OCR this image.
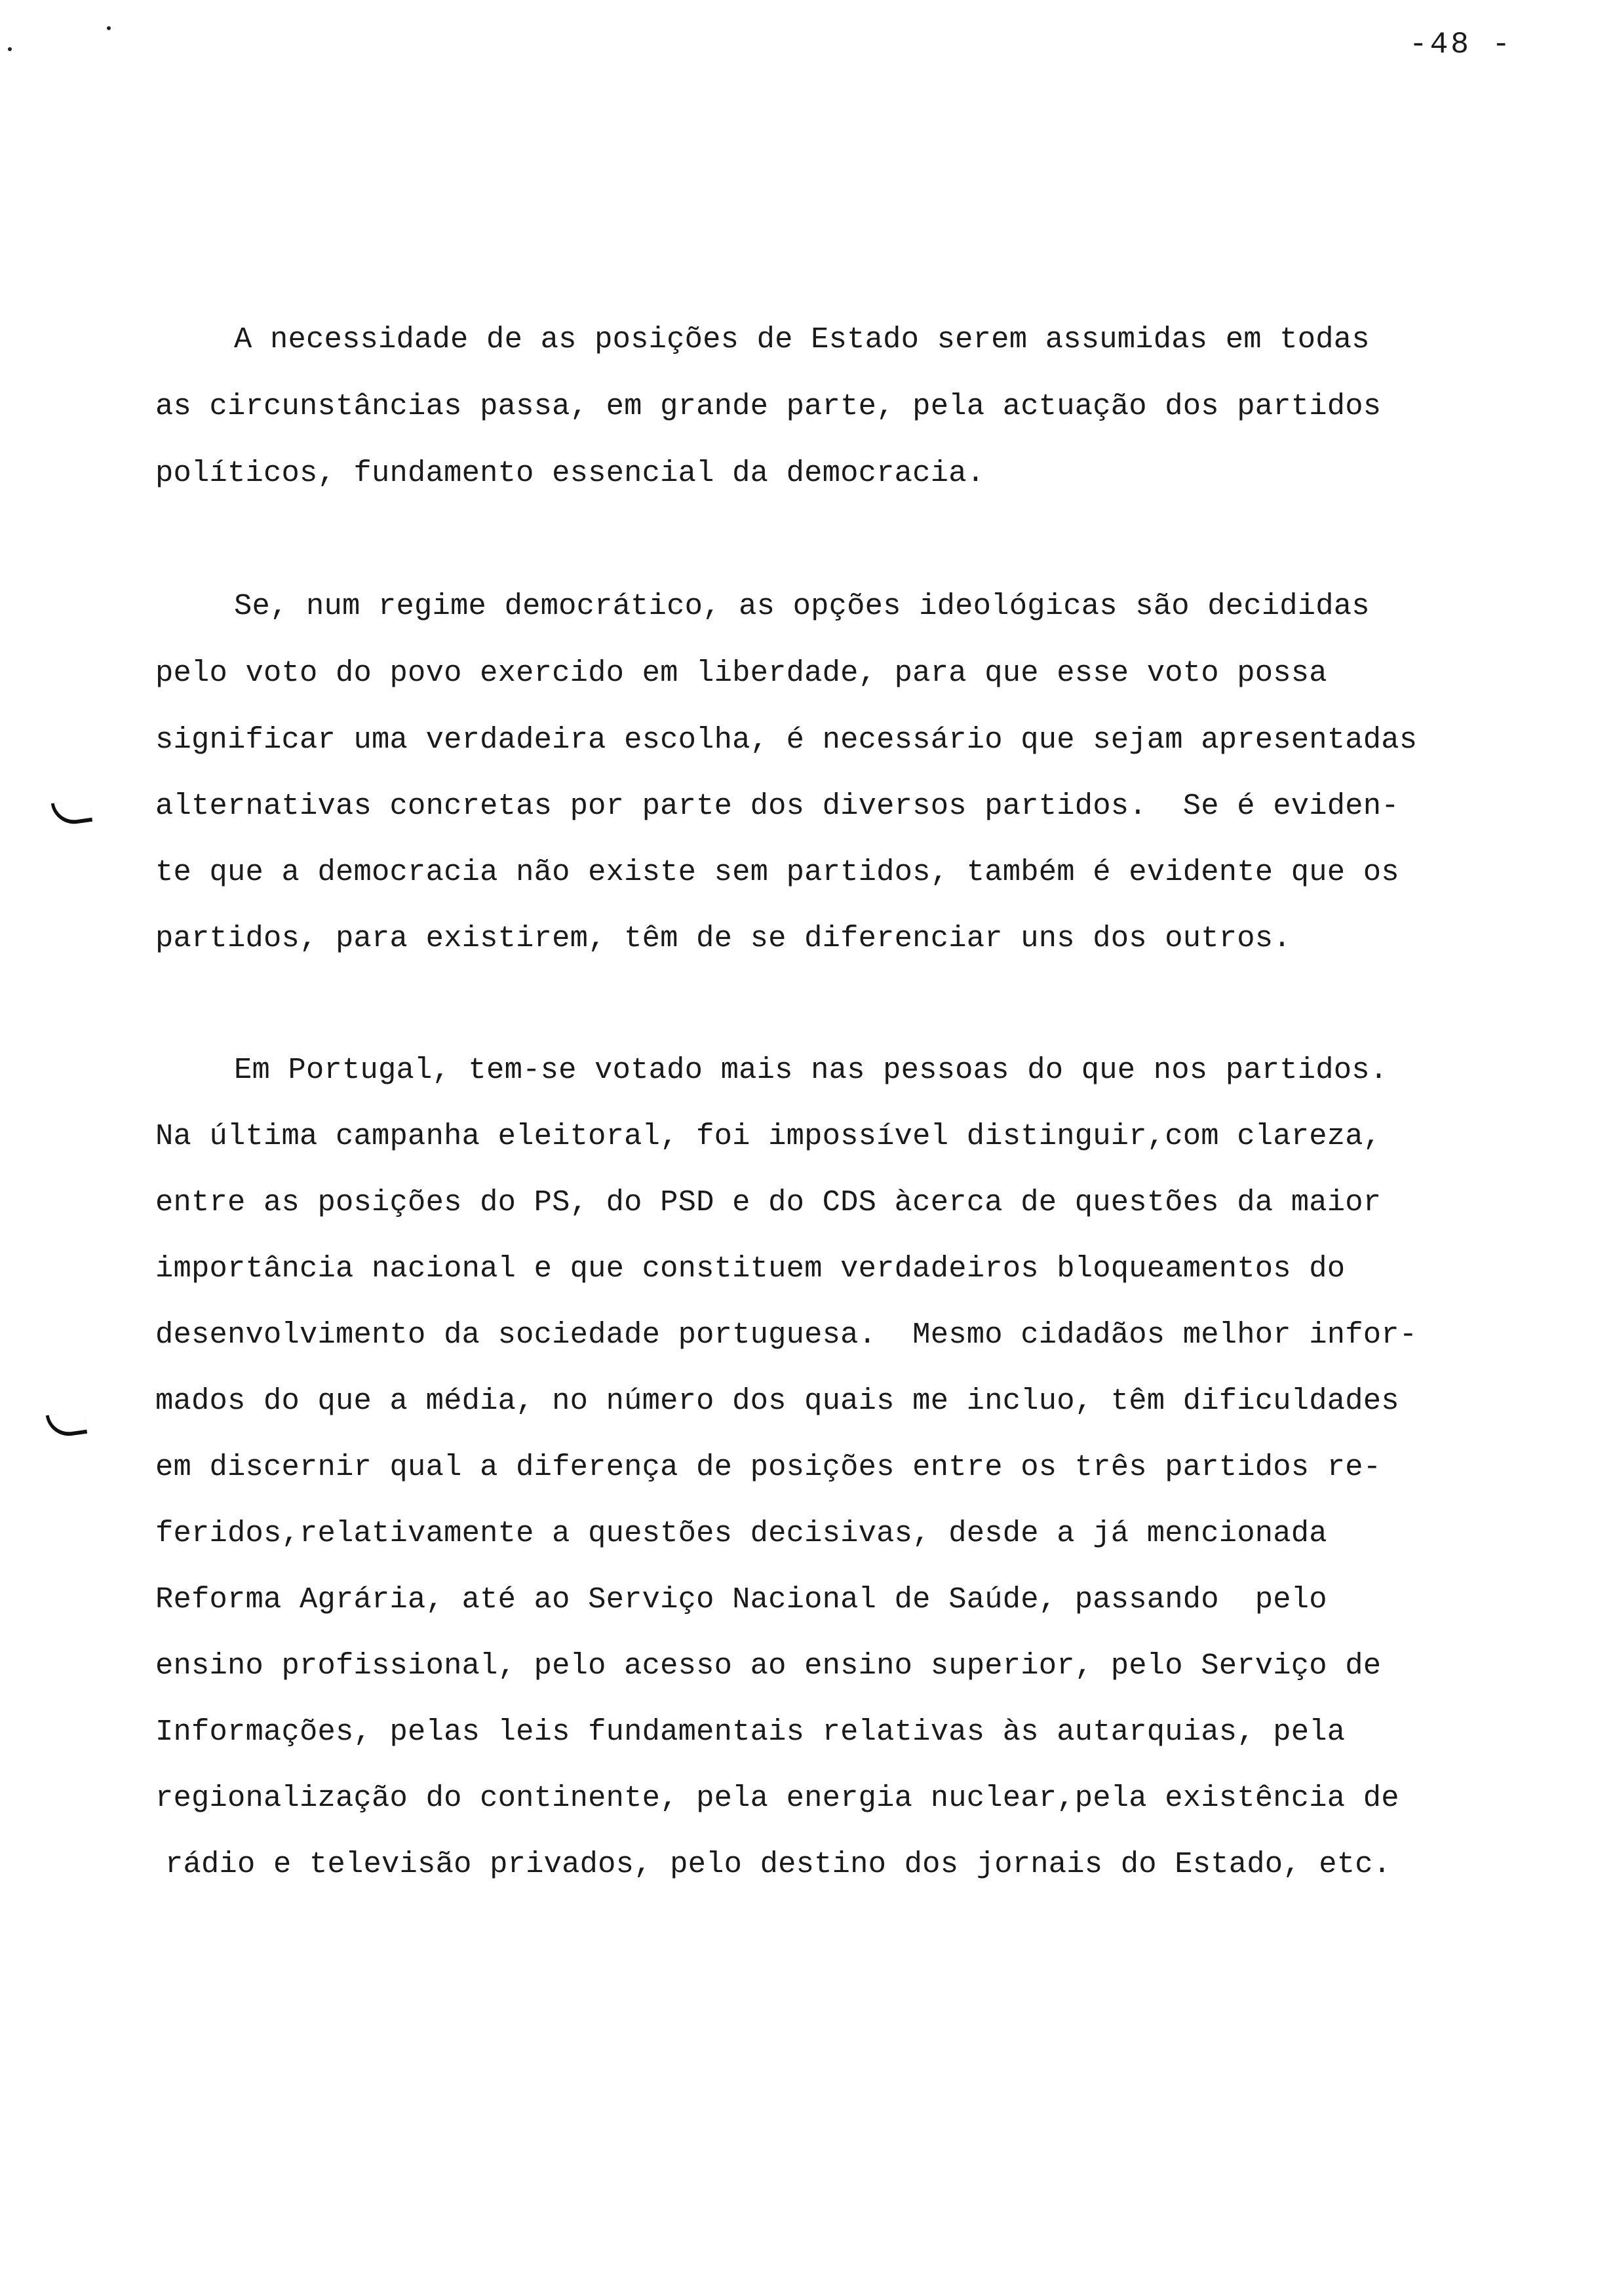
-48 -
A necessidade de as posições de Estado serem assumidas em todas
as circunstâncias passa, em grande parte, pela actuação dos partidos
políticos, fundamento essencial da democracia.
Se, num regime democrático, as opções ideológicas são decididas
pelo voto do povo exercido em liberdade, para que esse voto possa
significar uma verdadeira escolha, é necessário que sejam apresentadas
alternativas concretas por parte dos diversos partidos.  Se é eviden-
te que a democracia não existe sem partidos, também é evidente que os
partidos, para existirem, têm de se diferenciar uns dos outros.
Em Portugal, tem-se votado mais nas pessoas do que nos partidos.
Na última campanha eleitoral, foi impossível distinguir,com clareza,
entre as posições do PS, do PSD e do CDS àcerca de questões da maior
importância nacional e que constituem verdadeiros bloqueamentos do
desenvolvimento da sociedade portuguesa.  Mesmo cidadãos melhor infor-
mados do que a média, no número dos quais me incluo, têm dificuldades
em discernir qual a diferença de posições entre os três partidos re-
feridos,relativamente a questões decisivas, desde a já mencionada
Reforma Agrária, até ao Serviço Nacional de Saúde, passando  pelo
ensino profissional, pelo acesso ao ensino superior, pelo Serviço de
Informações, pelas leis fundamentais relativas às autarquias, pela
regionalização do continente, pela energia nuclear,pela existência de
rádio e televisão privados, pelo destino dos jornais do Estado, etc.
